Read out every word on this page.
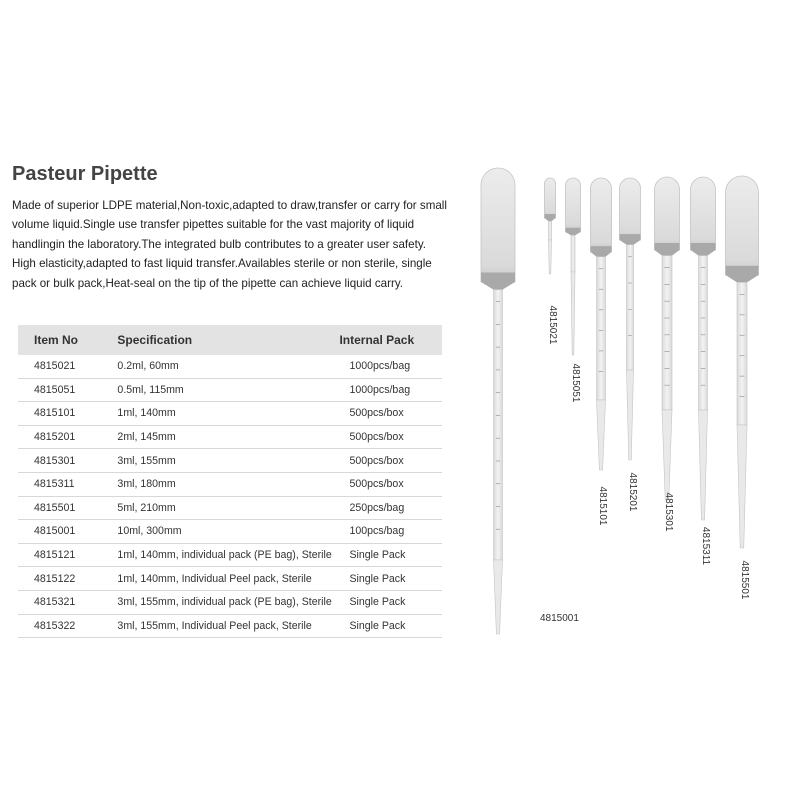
Pasteur Pipette
Made of superior LDPE material,Non-toxic,adapted to draw,transfer or carry for small volume liquid.Single use transfer pipettes suitable for the vast majority of liquid handlingin the laboratory.The integrated bulb contributes to a greater user safety. High elasticity,adapted to fast liquid transfer.Availables sterile or non sterile, single pack or bulk pack,Heat-seal on the tip of the pipette can achieve liquid carry.
Item No	Specification	Internal Pack
4815021	0.2ml, 60mm	1000pcs/bag
4815051	0.5ml, 115mm	1000pcs/bag
4815101	1ml, 140mm	500pcs/box
4815201	2ml, 145mm	500pcs/box
4815301	3ml, 155mm	500pcs/box
4815311	3ml, 180mm	500pcs/box
4815501	5ml, 210mm	250pcs/bag
4815001	10ml, 300mm	100pcs/bag
4815121	1ml, 140mm, individual pack (PE bag), Sterile	Single Pack
4815122	1ml, 140mm, Individual Peel pack, Sterile	Single Pack
4815321	3ml, 155mm, individual pack (PE bag), Sterile	Single Pack
4815322	3ml, 155mm, Individual Peel pack, Sterile	Single Pack
4815001
4815021
4815051
4815101 4815201
4815301
4815311
4815501
